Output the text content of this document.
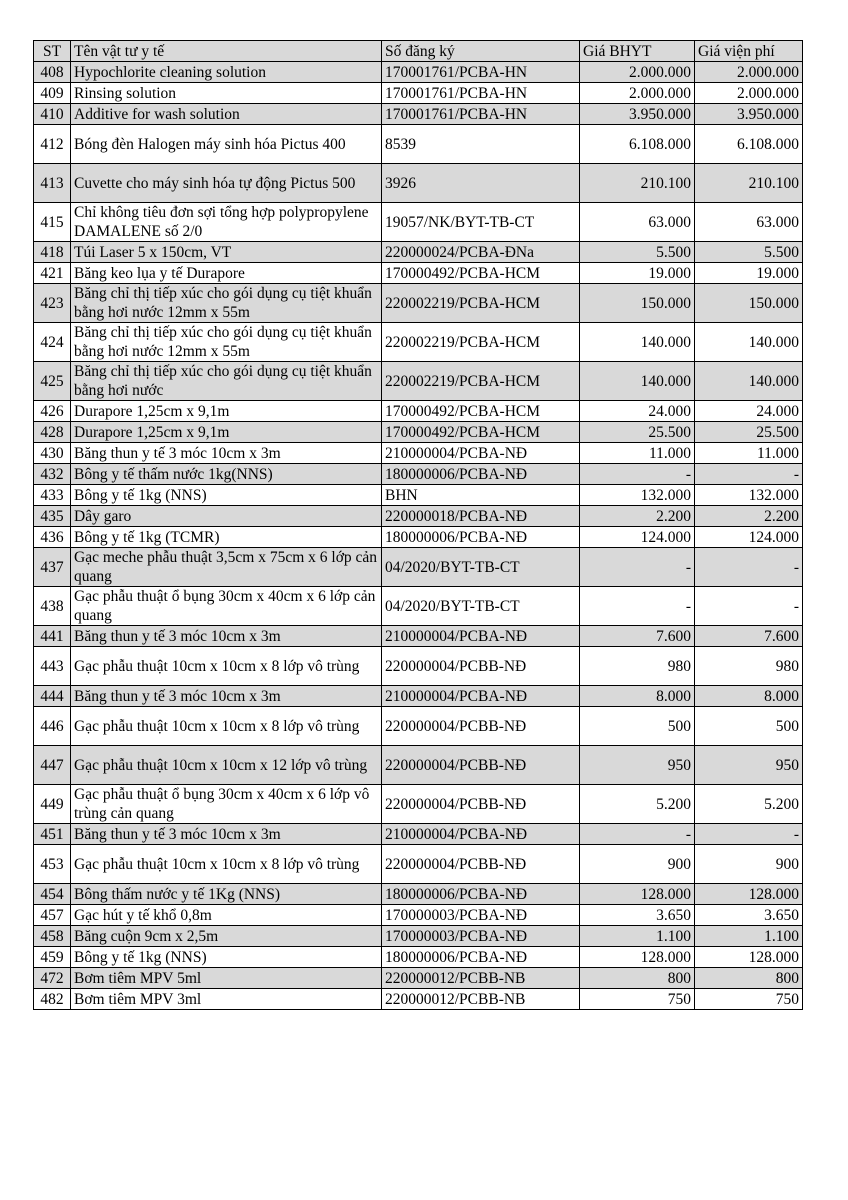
ST	Tên vật tư y tế	Số đăng ký	Giá BHYT	Giá viện phí
408	Hypochlorite cleaning solution	170001761/PCBA-HN	2.000.000	2.000.000
409	Rinsing solution	170001761/PCBA-HN	2.000.000	2.000.000
410	Additive for wash solution	170001761/PCBA-HN	3.950.000	3.950.000
412	Bóng đèn Halogen máy sinh hóa Pictus 400	8539	6.108.000	6.108.000
413	Cuvette cho máy sinh hóa tự động Pictus 500	3926	210.100	210.100
415	Chỉ không tiêu đơn sợi tổng hợp polypropylene DAMALENE số 2/0	19057/NK/BYT-TB-CT	63.000	63.000
418	Túi Laser 5 x 150cm, VT	220000024/PCBA-ĐNa	5.500	5.500
421	Băng keo lụa y tế Durapore	170000492/PCBA-HCM	19.000	19.000
423	Băng chỉ thị tiếp xúc cho gói dụng cụ tiệt khuẩn bằng hơi nước 12mm x 55m	220002219/PCBA-HCM	150.000	150.000
424	Băng chỉ thị tiếp xúc cho gói dụng cụ tiệt khuẩn bằng hơi nước 12mm x 55m	220002219/PCBA-HCM	140.000	140.000
425	Băng chỉ thị tiếp xúc cho gói dụng cụ tiệt khuẩn bằng hơi nước	220002219/PCBA-HCM	140.000	140.000
426	Durapore 1,25cm x 9,1m	170000492/PCBA-HCM	24.000	24.000
428	Durapore 1,25cm x 9,1m	170000492/PCBA-HCM	25.500	25.500
430	Băng thun y tế 3 móc 10cm x 3m	210000004/PCBA-NĐ	11.000	11.000
432	Bông y tế thấm nước 1kg(NNS)	180000006/PCBA-NĐ	-	-
433	Bông y tế 1kg (NNS)	BHN	132.000	132.000
435	Dây garo	220000018/PCBA-NĐ	2.200	2.200
436	Bông y tế 1kg (TCMR)	180000006/PCBA-NĐ	124.000	124.000
437	Gạc meche phẫu thuật 3,5cm x 75cm x 6 lớp cản quang	04/2020/BYT-TB-CT	-	-
438	Gạc phẫu thuật ổ bụng 30cm x 40cm x 6 lớp cản quang	04/2020/BYT-TB-CT	-	-
441	Băng thun y tế 3 móc 10cm x 3m	210000004/PCBA-NĐ	7.600	7.600
443	Gạc phẫu thuật 10cm x 10cm x 8 lớp vô trùng	220000004/PCBB-NĐ	980	980
444	Băng thun y tế 3 móc 10cm x 3m	210000004/PCBA-NĐ	8.000	8.000
446	Gạc phẫu thuật 10cm x 10cm x 8 lớp vô trùng	220000004/PCBB-NĐ	500	500
447	Gạc phẫu thuật 10cm x 10cm x 12 lớp vô trùng	220000004/PCBB-NĐ	950	950
449	Gạc phẫu thuật ổ bụng 30cm x 40cm x 6 lớp vô trùng cản quang	220000004/PCBB-NĐ	5.200	5.200
451	Băng thun y tế 3 móc 10cm x 3m	210000004/PCBA-NĐ	-	-
453	Gạc phẫu thuật 10cm x 10cm x 8 lớp vô trùng	220000004/PCBB-NĐ	900	900
454	Bông thấm nước y tế 1Kg (NNS)	180000006/PCBA-NĐ	128.000	128.000
457	Gạc hút y tế khổ 0,8m	170000003/PCBA-NĐ	3.650	3.650
458	Băng cuộn 9cm x 2,5m	170000003/PCBA-NĐ	1.100	1.100
459	Bông y tế 1kg (NNS)	180000006/PCBA-NĐ	128.000	128.000
472	Bơm tiêm MPV 5ml	220000012/PCBB-NB	800	800
482	Bơm tiêm MPV 3ml	220000012/PCBB-NB	750	750
